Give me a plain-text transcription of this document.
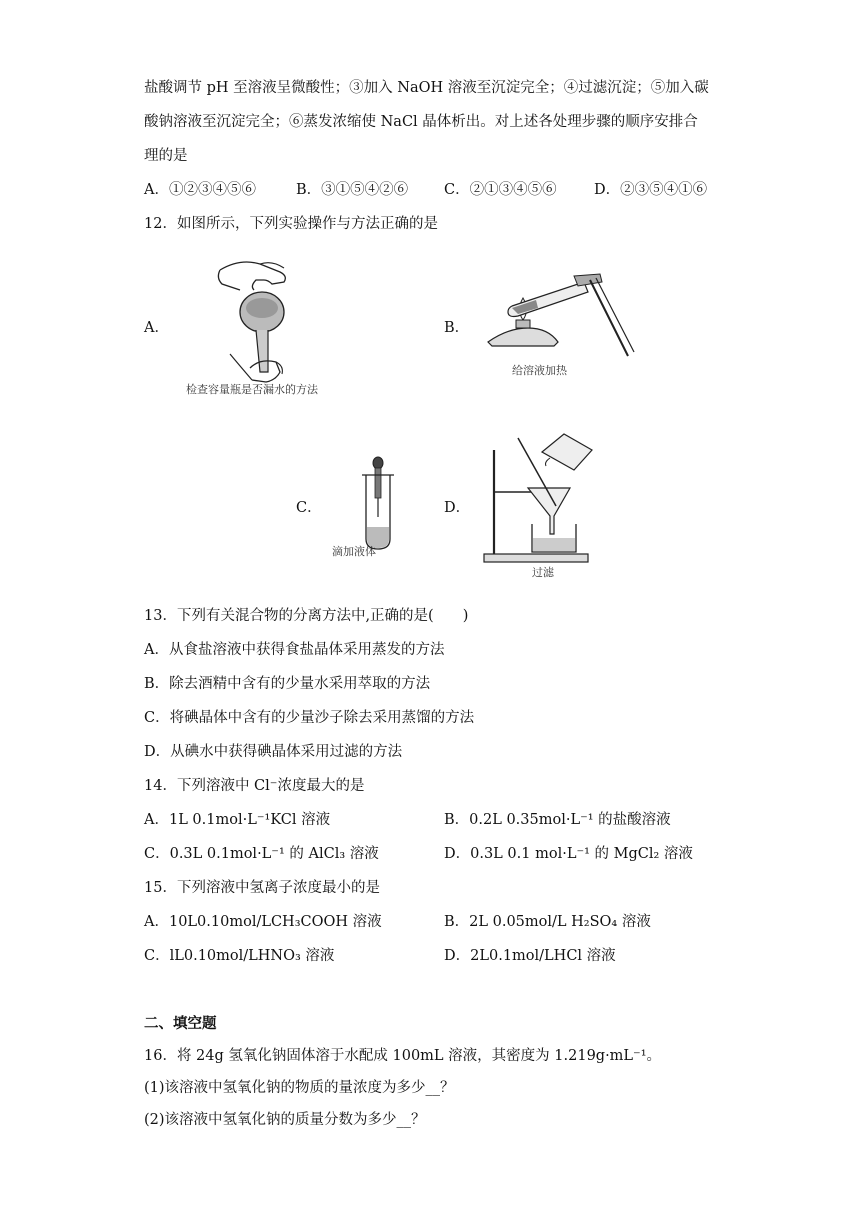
盐酸调节 pH 至溶液呈微酸性；③加入 NaOH 溶液至沉淀完全；④过滤沉淀；⑤加入碳
酸钠溶液至沉淀完全；⑥蒸发浓缩使 NaCl 晶体析出。对上述各处理步骤的顺序安排合
理的是
A．①②③④⑤⑥	B．③①⑤④②⑥ C．②①③④⑤⑥	D．②③⑤④①⑥
12．如图所示，下列实验操作与方法正确的是
A．	B．
C．	D．
检查容量瓶是否漏水的方法
给溶液加热
滴加液体
过滤
13．下列有关混合物的分离方法中,正确的是(　　)
A．从食盐溶液中获得食盐晶体采用蒸发的方法
B．除去酒精中含有的少量水采用萃取的方法
C．将碘晶体中含有的少量沙子除去采用蒸馏的方法
D．从碘水中获得碘晶体采用过滤的方法
14．下列溶液中 Cl⁻浓度最大的是
A．1L 0.1mol·L⁻¹KCl 溶液	B．0.2L 0.35mol·L⁻¹ 的盐酸溶液
C．0.3L 0.1mol·L⁻¹ 的 AlCl₃ 溶液	D．0.3L 0.1 mol·L⁻¹ 的 MgCl₂ 溶液
15．下列溶液中氢离子浓度最小的是
A．10L0.10mol/LCH₃COOH 溶液	B．2L 0.05mol/L H₂SO₄ 溶液
C．lL0.10mol/LHNO₃ 溶液	D．2L0.1mol/LHCl 溶液
二、填空题
16．将 24g 氢氧化钠固体溶于水配成 100mL 溶液，其密度为 1.219g·mL⁻¹。
(1)该溶液中氢氧化钠的物质的量浓度为多少__？
(2)该溶液中氢氧化钠的质量分数为多少__？
